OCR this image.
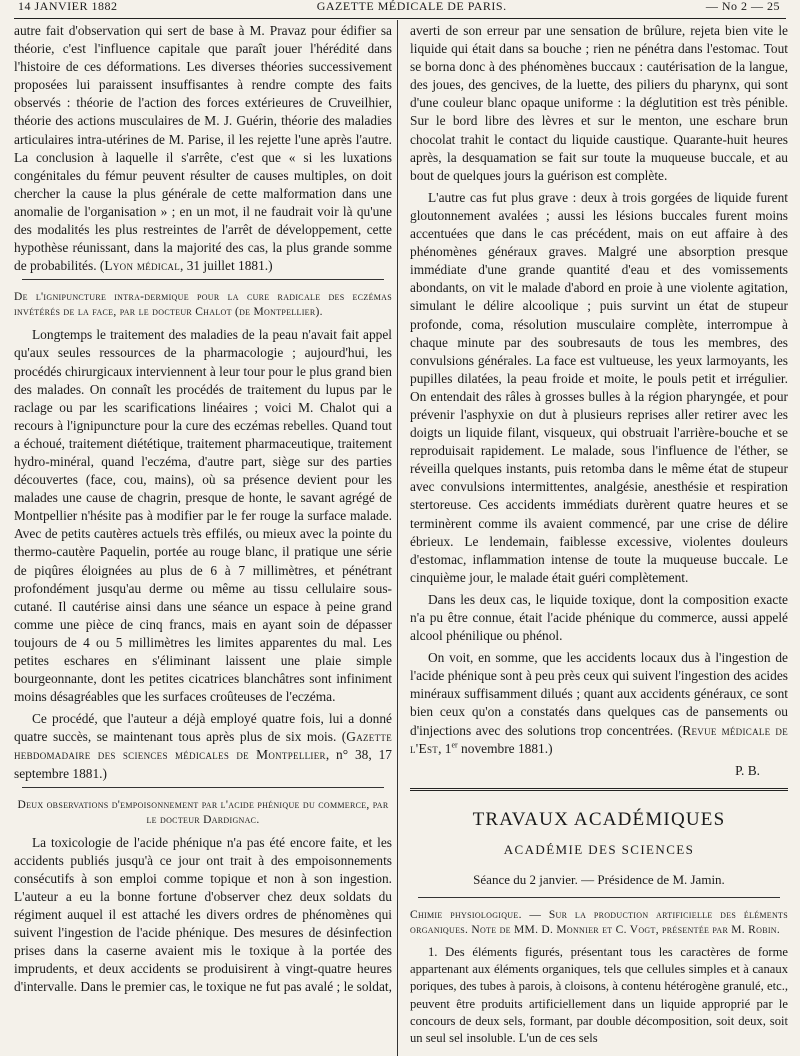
14 JANVIER 1882	GAZETTE MÉDICALE DE PARIS.	— No 2 — 25

autre fait d'observation qui sert de base à M. Pravaz pour édifier sa théorie, c'est l'influence capitale que paraît jouer l'hérédité dans l'histoire de ces déformations. Les diverses théories successivement proposées lui paraissent insuffisantes à rendre compte des faits observés : théorie de l'action des forces extérieures de Cruveilhier, théorie des actions musculaires de M. J. Guérin, théorie des maladies articulaires intra-utérines de M. Parise, il les rejette l'une après l'autre. La conclusion à laquelle il s'arrête, c'est que « si les luxations congénitales du fémur peuvent résulter de causes multiples, on doit chercher la cause la plus générale de cette malformation dans une anomalie de l'organisation » ; en un mot, il ne faudrait voir là qu'une des modalités les plus restreintes de l'arrêt de développement, cette hypothèse réunissant, dans la majorité des cas, la plus grande somme de probabilités. (Lyon médical, 31 juillet 1881.)

De l'ignipuncture intra-dermique pour la cure radicale des eczémas invétérés de la face, par le docteur Chalot (de Montpellier).

Longtemps le traitement des maladies de la peau n'avait fait appel qu'aux seules ressources de la pharmacologie ; aujourd'hui, les procédés chirurgicaux interviennent à leur tour pour le plus grand bien des malades. On connaît les procédés de traitement du lupus par le raclage ou par les scarifications linéaires ; voici M. Chalot qui a recours à l'ignipuncture pour la cure des eczémas rebelles. Quand tout a échoué, traitement diététique, traitement pharmaceutique, traitement hydro-minéral, quand l'eczéma, d'autre part, siège sur des parties découvertes (face, cou, mains), où sa présence devient pour les malades une cause de chagrin, presque de honte, le savant agrégé de Montpellier n'hésite pas à modifier par le fer rouge la surface malade. Avec de petits cautères actuels très effilés, ou mieux avec la pointe du thermo-cautère Paquelin, portée au rouge blanc, il pratique une série de piqûres éloignées au plus de 6 à 7 millimètres, et pénétrant profondément jusqu'au derme ou même au tissu cellulaire sous-cutané. Il cautérise ainsi dans une séance un espace à peine grand comme une pièce de cinq francs, mais en ayant soin de dépasser toujours de 4 ou 5 millimètres les limites apparentes du mal. Les petites eschares en s'éliminant laissent une plaie simple bourgeonnante, dont les petites cicatrices blanchâtres sont infiniment moins désagréables que les surfaces croûteuses de l'eczéma.

Ce procédé, que l'auteur a déjà employé quatre fois, lui a donné quatre succès, se maintenant tous après plus de six mois. (Gazette hebdomadaire des sciences médicales de Montpellier, n° 38, 17 septembre 1881.)

Deux observations d'empoisonnement par l'acide phénique du commerce, par le docteur Dardignac.

La toxicologie de l'acide phénique n'a pas été encore faite, et les accidents publiés jusqu'à ce jour ont trait à des empoisonnements consécutifs à son emploi comme topique et non à son ingestion. L'auteur a eu la bonne fortune d'observer chez deux soldats du régiment auquel il est attaché les divers ordres de phénomènes qui suivent l'ingestion de l'acide phénique. Des mesures de désinfection prises dans la caserne avaient mis le toxique à la portée des imprudents, et deux accidents se produisirent à vingt-quatre heures d'intervalle. Dans le premier cas, le toxique ne fut pas avalé ; le soldat,

averti de son erreur par une sensation de brûlure, rejeta bien vite le liquide qui était dans sa bouche ; rien ne pénétra dans l'estomac. Tout se borna donc à des phénomènes buccaux : cautérisation de la langue, des joues, des gencives, de la luette, des piliers du pharynx, qui sont d'une couleur blanc opaque uniforme : la déglutition est très pénible. Sur le bord libre des lèvres et sur le menton, une eschare brun chocolat trahit le contact du liquide caustique. Quarante-huit heures après, la desquamation se fait sur toute la muqueuse buccale, et au bout de quelques jours la guérison est complète.

L'autre cas fut plus grave : deux à trois gorgées de liquide furent gloutonnement avalées ; aussi les lésions buccales furent moins accentuées que dans le cas précédent, mais on eut affaire à des phénomènes généraux graves. Malgré une absorption presque immédiate d'une grande quantité d'eau et des vomissements abondants, on vit le malade d'abord en proie à une violente agitation, simulant le délire alcoolique ; puis survint un état de stupeur profonde, coma, résolution musculaire complète, interrompue à chaque minute par des soubresauts de tous les membres, des convulsions générales. La face est vultueuse, les yeux larmoyants, les pupilles dilatées, la peau froide et moite, le pouls petit et irrégulier. On entendait des râles à grosses bulles à la région pharyngée, et pour prévenir l'asphyxie on dut à plusieurs reprises aller retirer avec les doigts un liquide filant, visqueux, qui obstruait l'arrière-bouche et se reproduisait rapidement. Le malade, sous l'influence de l'éther, se réveilla quelques instants, puis retomba dans le même état de stupeur avec convulsions intermittentes, analgésie, anesthésie et respiration stertoreuse. Ces accidents immédiats durèrent quatre heures et se terminèrent comme ils avaient commencé, par une crise de délire ébrieux. Le lendemain, faiblesse excessive, violentes douleurs d'estomac, inflammation intense de toute la muqueuse buccale. Le cinquième jour, le malade était guéri complètement.

Dans les deux cas, le liquide toxique, dont la composition exacte n'a pu être connue, était l'acide phénique du commerce, aussi appelé alcool phénilique ou phénol.

On voit, en somme, que les accidents locaux dus à l'ingestion de l'acide phénique sont à peu près ceux qui suivent l'ingestion des acides minéraux suffisamment dilués ; quant aux accidents généraux, ce sont bien ceux qu'on a constatés dans quelques cas de pansements ou d'injections avec des solutions trop concentrées. (Revue médicale de l'Est, 1er novembre 1881.)

P. B.
TRAVAUX ACADÉMIQUES
ACADÉMIE DES SCIENCES
Séance du 2 janvier. — Présidence de M. Jamin.
Chimie physiologique. — Sur la production artificielle des éléments organiques. Note de MM. D. Monnier et C. Vogt, présentée par M. Robin.

1. Des éléments figurés, présentant tous les caractères de forme appartenant aux éléments organiques, tels que cellules simples et à canaux poriques, des tubes à parois, à cloisons, à contenu hétérogène granulé, etc., peuvent être produits artificiellement dans un liquide approprié par le concours de deux sels, formant, par double décomposition, soit deux, soit un seul sel insoluble. L'un de ces sels
